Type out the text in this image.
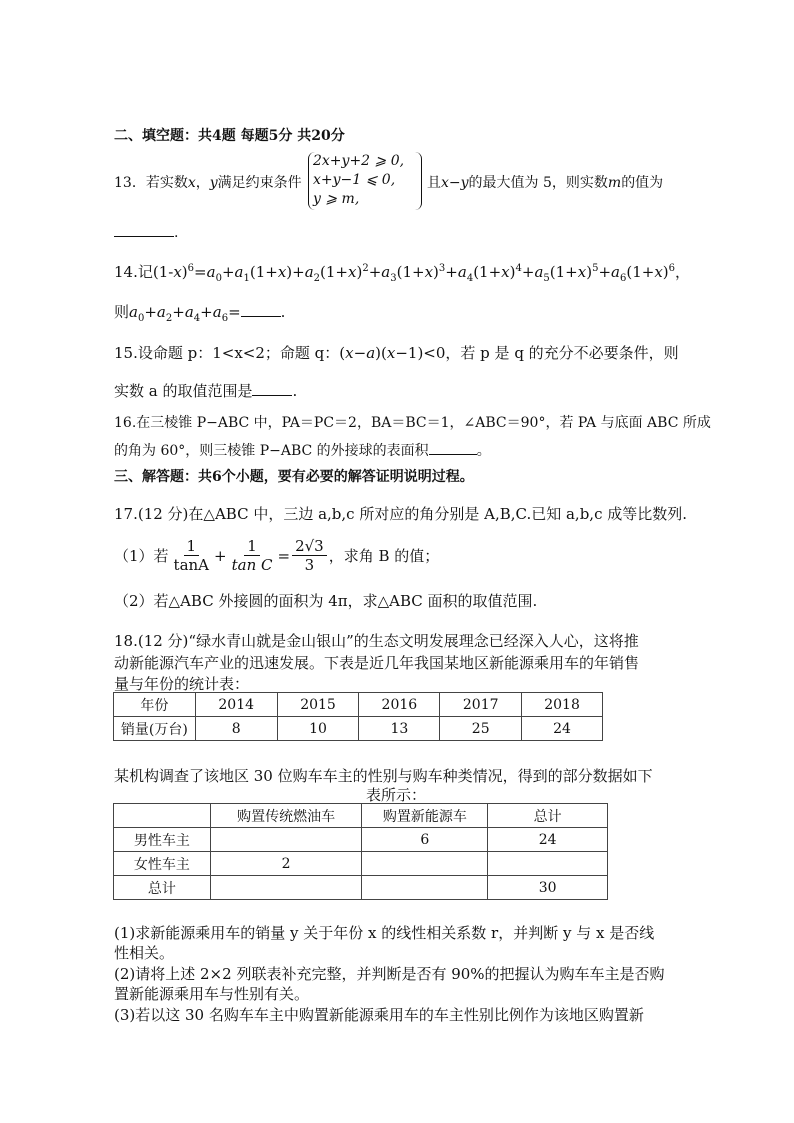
二、填空题：共4题 每题5分 共20分
13．若实数x，y满足约束条件
2x+y+2 ⩾ 0,
x+y−1 ⩽ 0,
y ⩾ m,
且x−y的最大值为 5，则实数m的值为
.
14.记$(1-x)^6=a_0+a_1(1+x)+a_2(1+x)^2+a_3(1+x)^3+a_4(1+x)^4+a_5(1+x)^5+a_6(1+x)^6$，
则$a_0+a_2+a_4+a_6=$	.
15.设命题 p：1<x<2；命题 q：(x−a)(x−1)<0，若 p 是 q 的充分不必要条件，则
实数 a 的取值范围是	.
16.在三棱锥 P−ABC 中，PA＝PC＝2，BA＝BC＝1，∠ABC＝90°，若 PA 与底面 ABC 所成
的角为 60°，则三棱锥 P−ABC 的外接球的表面积	。
三、解答题：共6个小题，要有必要的解答证明说明过程。
17.(12 分)在△ABC 中，三边 a,b,c 所对应的角分别是 A,B,C.已知 a,b,c 成等比数列.
（1）若 $\frac{1}{\tan A} + \frac{1}{\text{tan C}} = \frac{2√3}{3}$ ，求角 B 的值；
（2）若△ABC 外接圆的面积为 4π，求△ABC 面积的取值范围.
18.(12 分)“绿水青山就是金山银山”的生态文明发展理念已经深入人心，这将推
动新能源汽车产业的迅速发展。下表是近几年我国某地区新能源乘用车的年销售
量与年份的统计表：
年份	2014	2015	2016	2017	2018
销量(万台)	8	10	13	25	24
某机构调查了该地区 30 位购车车主的性别与购车种类情况，得到的部分数据如下
表所示：
	购置传统燃油车	购置新能源车	总计
男性车主		6	24
女性车主	2		
总计			30
(1)求新能源乘用车的销量 y 关于年份 x 的线性相关系数 r，并判断 y 与 x 是否线
性相关。
(2)请将上述 2×2 列联表补充完整，并判断是否有 90%的把握认为购车车主是否购
置新能源乘用车与性别有关。
(3)若以这 30 名购车车主中购置新能源乘用车的车主性别比例作为该地区购置新
